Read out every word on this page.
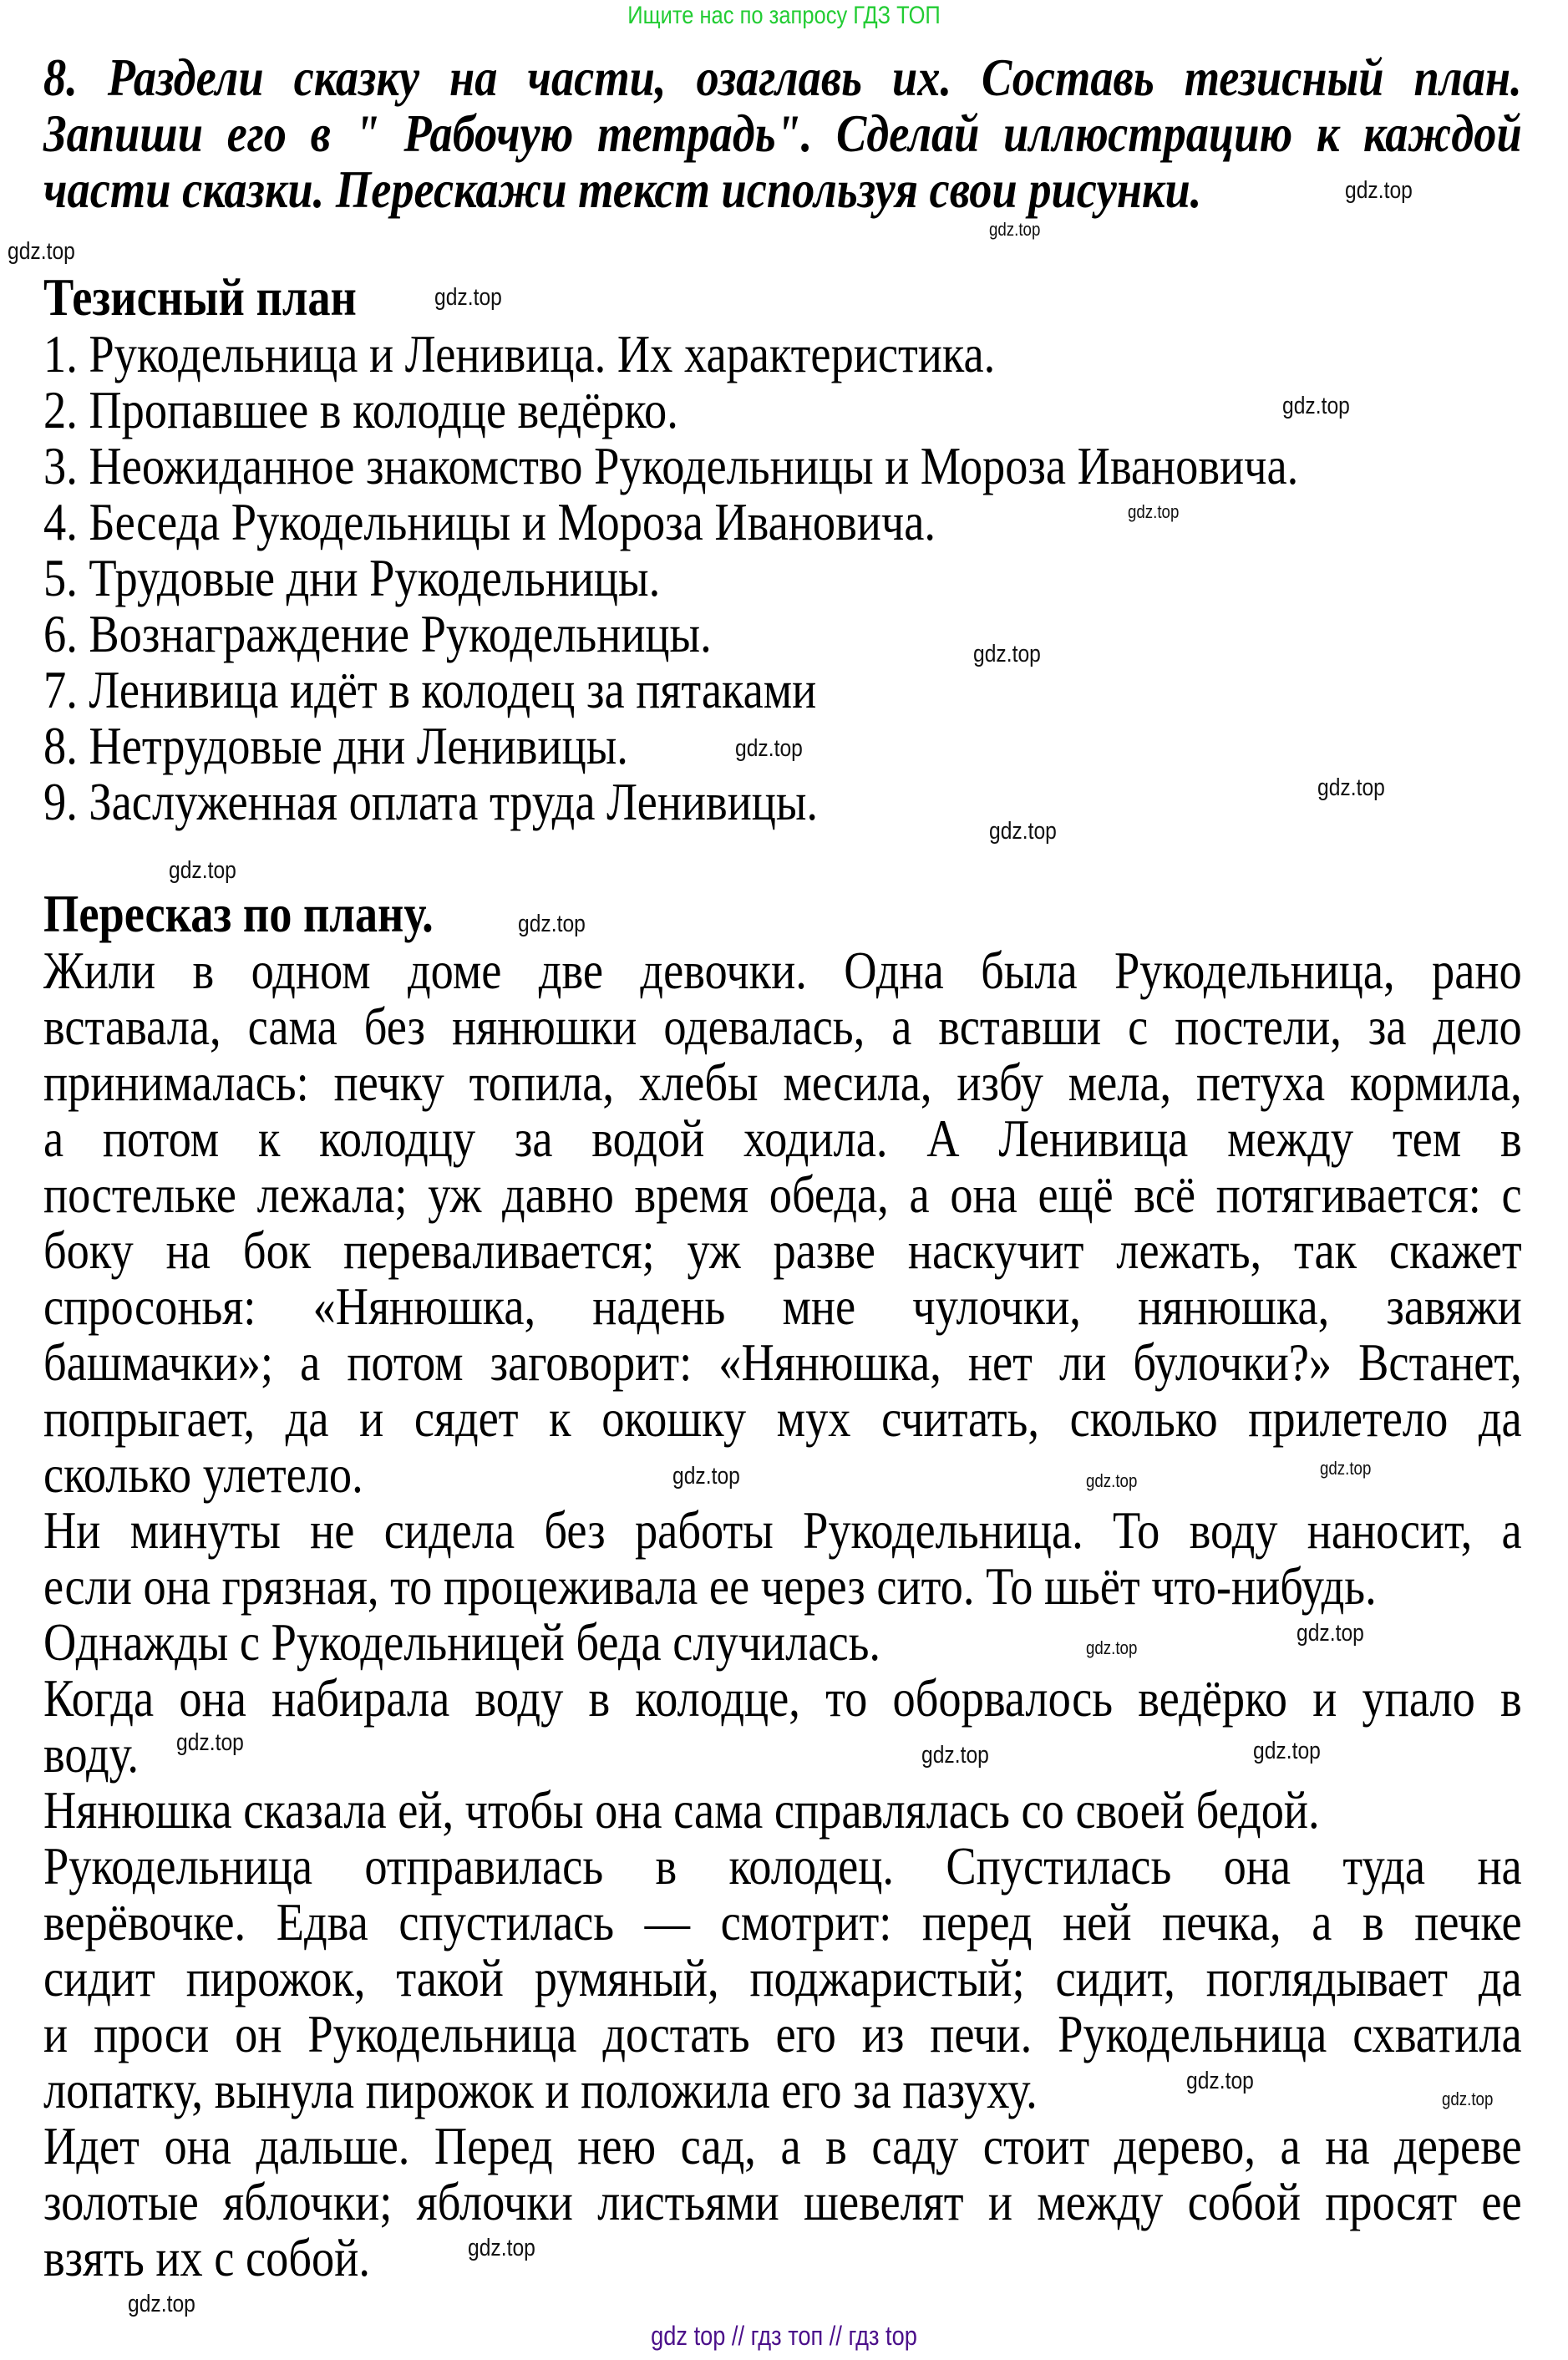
Ищите нас по запросу ГДЗ ТОП
8. Раздели сказку на части, озаглавь их. Составь тезисный план.
Запиши его в " Рабочую тетрадь". Сделай иллюстрацию к каждой
части сказки. Перескажи текст используя свои рисунки.
Тезисный план
1. Рукодельница и Ленивица. Их характеристика.
2. Пропавшее в колодце ведёрко.
3. Неожиданное знакомство Рукодельницы и Мороза Ивановича.
4. Беседа Рукодельницы и Мороза Ивановича.
5. Трудовые дни Рукодельницы.
6. Вознаграждение Рукодельницы.
7. Ленивица идёт в колодец за пятаками
8. Нетрудовые дни Ленивицы.
9. Заслуженная оплата труда Ленивицы.
Пересказ по плану.
Жили в одном доме две девочки. Одна была Рукодельница, рано
вставала, сама без нянюшки одевалась, а вставши с постели, за дело
принималась: печку топила, хлебы месила, избу мела, петуха кормила,
а потом к колодцу за водой ходила. А Ленивица между тем в
постельке лежала; уж давно время обеда, а она ещё всё потягивается: с
боку на бок переваливается; уж разве наскучит лежать, так скажет
спросонья: «Нянюшка, надень мне чулочки, нянюшка, завяжи
башмачки»; а потом заговорит: «Нянюшка, нет ли булочки?» Встанет,
попрыгает, да и сядет к окошку мух считать, сколько прилетело да
сколько улетело.
Ни минуты не сидела без работы Рукодельница. То воду наносит, а
если она грязная, то процеживала ее через сито. То шьёт что-нибудь.
Однажды с Рукодельницей беда случилась.
Когда она набирала воду в колодце, то оборвалось ведёрко и упало в
воду.
Нянюшка сказала ей, чтобы она сама справлялась со своей бедой.
Рукодельница отправилась в колодец. Спустилась она туда на
верёвочке. Едва спустилась — смотрит: перед ней печка, а в печке
сидит пирожок, такой румяный, поджаристый; сидит, поглядывает да
и проси он Рукодельница достать его из печи. Рукодельница схватила
лопатку, вынула пирожок и положила его за пазуху.
Идет она дальше. Перед нею сад, а в саду стоит дерево, а на дереве
золотые яблочки; яблочки листьями шевелят и между собой просят ее
взять их с собой.
gdz.top
gdz.top
gdz.top
gdz.top
gdz.top
gdz.top
gdz.top
gdz.top
gdz.top
gdz.top
gdz.top
gdz.top
gdz.top
gdz.top
gdz.top
gdz.top
gdz.top
gdz.top	gdz.top	gdz.top
gdz.top
gdz.top
gdz.top
gdz.top
gdz top // гдз топ // гдз top
